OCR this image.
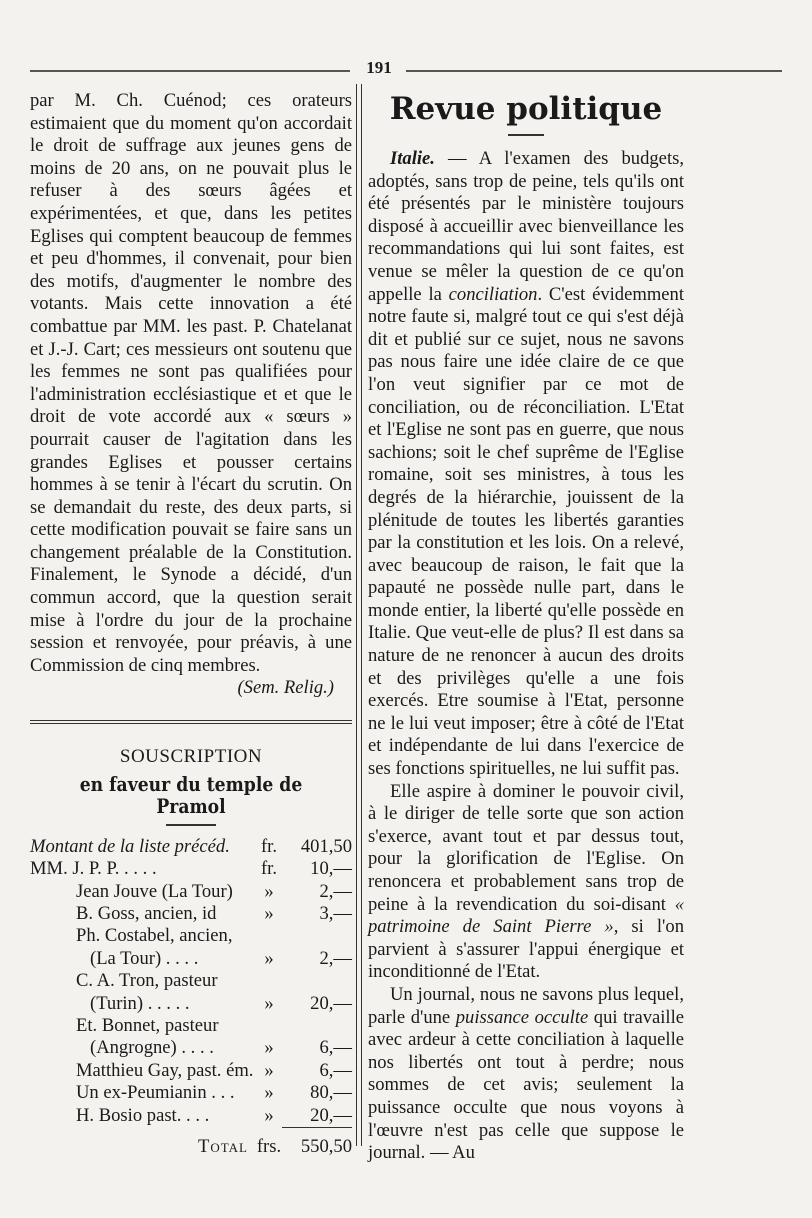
191

par M. Ch. Cuénod; ces orateurs estimaient que du moment qu'on accordait le droit de suffrage aux jeunes gens de moins de 20 ans, on ne pouvait plus le refuser à des sœurs âgées et expérimentées, et que, dans les petites Eglises qui comptent beaucoup de femmes et peu d'hommes, il convenait, pour bien des motifs, d'augmenter le nombre des votants. Mais cette innovation a été combattue par MM. les past. P. Chatelanat et J.-J. Cart; ces messieurs ont soutenu que les femmes ne sont pas qualifiées pour l'administration ecclésiastique et et que le droit de vote accordé aux « sœurs » pourrait causer de l'agitation dans les grandes Eglises et pousser certains hommes à se tenir à l'écart du scrutin. On se demandait du reste, des deux parts, si cette modification pouvait se faire sans un changement préalable de la Constitution. Finalement, le Synode a décidé, d'un commun accord, que la question serait mise à l'ordre du jour de la prochaine session et renvoyée, pour préavis, à une Commission de cinq membres.

(Sem. Relig.)

SOUSCRIPTION

en faveur du temple de Pramol

Montant de la liste précéd.	fr.	401,50
MM. J. P. P. . . . .	fr.	10,—
Jean Jouve (La Tour)	»	2,—
B. Goss, ancien, id	»	3,—
Ph. Costabel, ancien,		
(La Tour) . . . .	»	2,—
C. A. Tron, pasteur		
(Turin) . . . . .	»	20,—
Et. Bonnet, pasteur		
(Angrogne) . . . .	»	6,—
Matthieu Gay, past. ém.	»	6,—
Un ex-Peumianin . . .	»	80,—
H. Bosio past. . . .	»	20,—

Total	frs.	550,50

Revue politique

Italie. — A l'examen des budgets, adoptés, sans trop de peine, tels qu'ils ont été présentés par le ministère toujours disposé à accueillir avec bienveillance les recommandations qui lui sont faites, est venue se mêler la question de ce qu'on appelle la conciliation. C'est évidemment notre faute si, malgré tout ce qui s'est déjà dit et publié sur ce sujet, nous ne savons pas nous faire une idée claire de ce que l'on veut signifier par ce mot de conciliation, ou de réconciliation. L'Etat et l'Eglise ne sont pas en guerre, que nous sachions; soit le chef suprême de l'Eglise romaine, soit ses ministres, à tous les degrés de la hiérarchie, jouissent de la plénitude de toutes les libertés garanties par la constitution et les lois. On a relevé, avec beaucoup de raison, le fait que la papauté ne possède nulle part, dans le monde entier, la liberté qu'elle possède en Italie. Que veut-elle de plus? Il est dans sa nature de ne renoncer à aucun des droits et des privilèges qu'elle a une fois exercés. Etre soumise à l'Etat, personne ne le lui veut imposer; être à côté de l'Etat et indépendante de lui dans l'exercice de ses fonctions spirituelles, ne lui suffit pas.

Elle aspire à dominer le pouvoir civil, à le diriger de telle sorte que son action s'exerce, avant tout et par dessus tout, pour la glorification de l'Eglise. On renoncera et probablement sans trop de peine à la revendication du soi-disant « patrimoine de Saint Pierre », si l'on parvient à s'assurer l'appui énergique et inconditionné de l'Etat.

Un journal, nous ne savons plus lequel, parle d'une puissance occulte qui travaille avec ardeur à cette conciliation à laquelle nos libertés ont tout à perdre; nous sommes de cet avis; seulement la puissance occulte que nous voyons à l'œuvre n'est pas celle que suppose le journal. — Au
